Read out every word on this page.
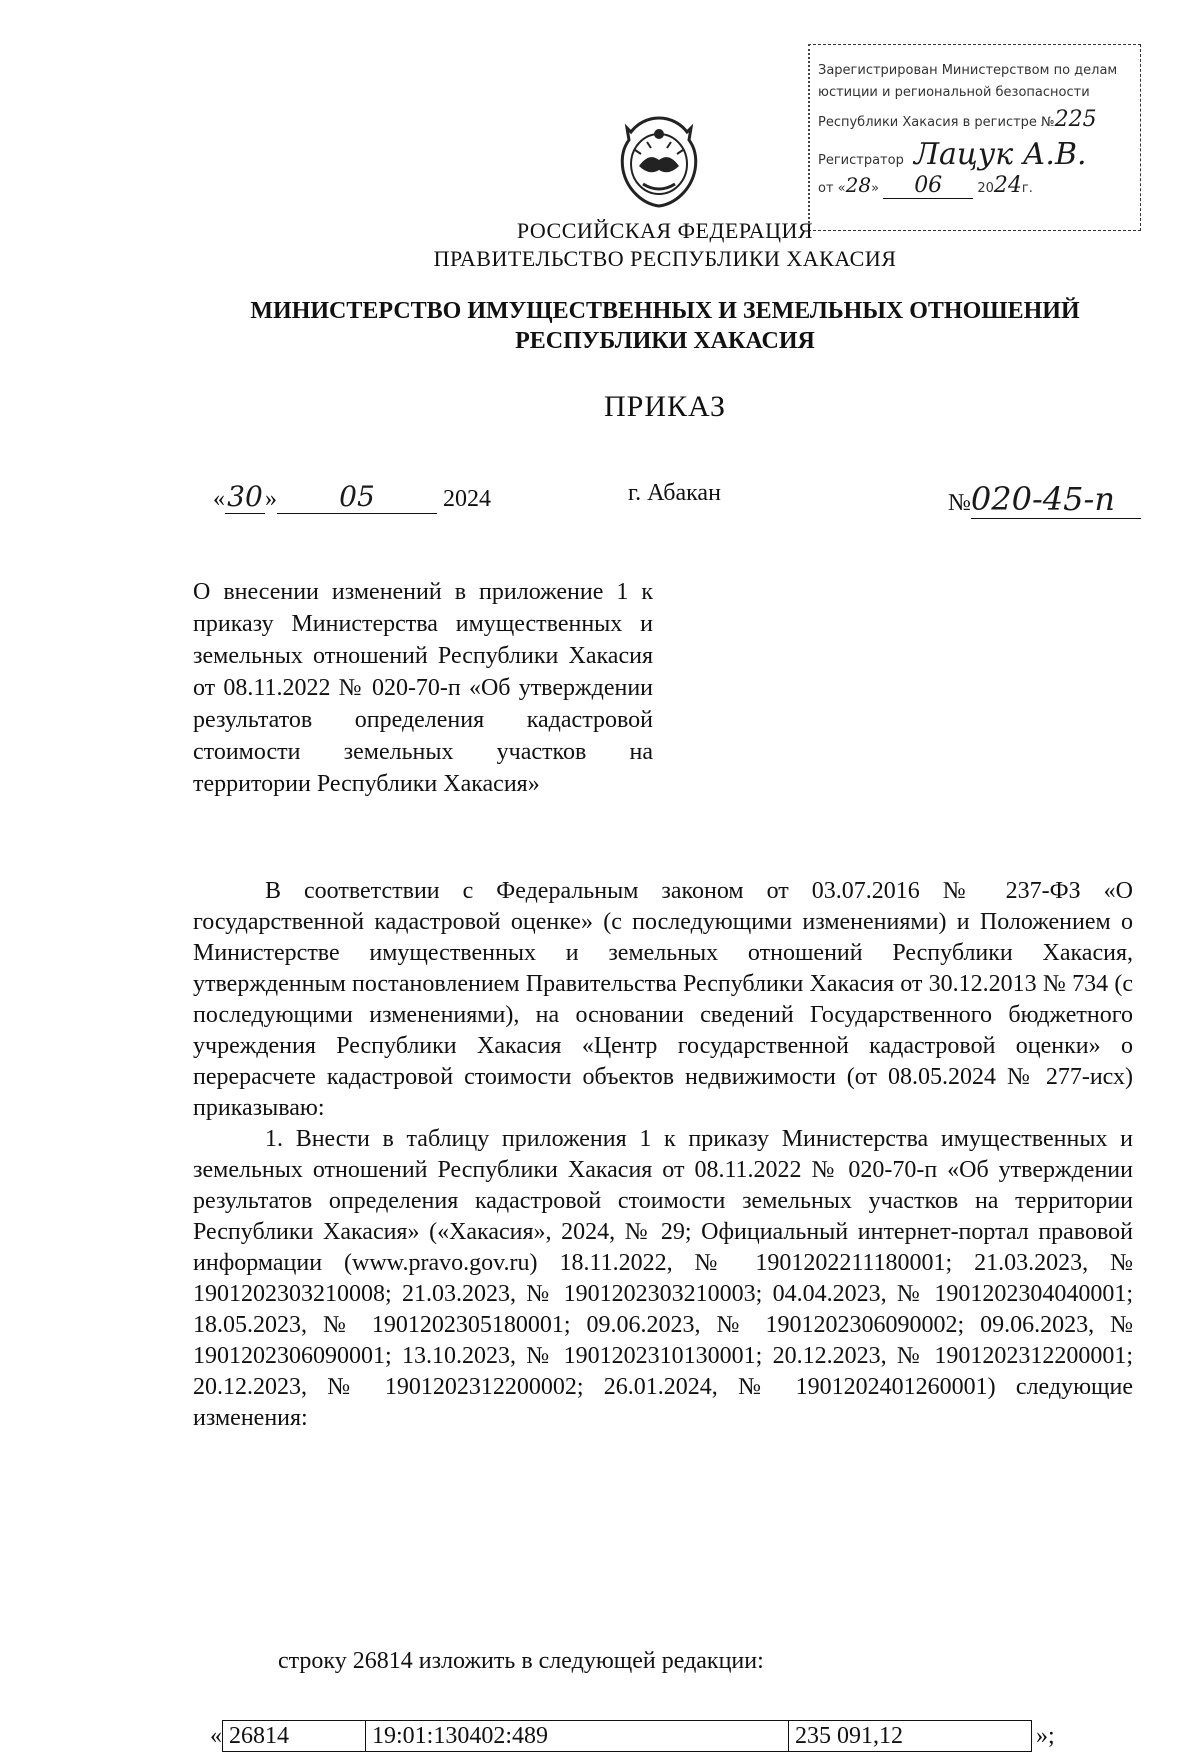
Зарегистрирован Министерством по делам
юстиции и региональной безопасности
Республики Хакасия в регистре №225
Регистратор Лацук А.В.
от «28» 06	2024г.
РОССИЙСКАЯ ФЕДЕРАЦИЯ
ПРАВИТЕЛЬСТВО РЕСПУБЛИКИ ХАКАСИЯ
МИНИСТЕРСТВО ИМУЩЕСТВЕННЫХ И ЗЕМЕЛЬНЫХ ОТНОШЕНИЙ
РЕСПУБЛИКИ ХАКАСИЯ
ПРИКАЗ
«30» 05	2024	г. Абакан	№020-45-п
О внесении изменений в приложение 1 к приказу Министерства имущественных и земельных отношений Республики Хакасия от 08.11.2022 № 020-70-п «Об утверждении результатов определения кадастровой стоимости земельных участков на территории Республики Хакасия»

В соответствии с Федеральным законом от 03.07.2016 № 237-ФЗ «О государственной кадастровой оценке» (с последующими изменениями) и Положением о Министерстве имущественных и земельных отношений Республики Хакасия, утвержденным постановлением Правительства Республики Хакасия от 30.12.2013 № 734 (с последующими изменениями), на основании сведений Государственного бюджетного учреждения Республики Хакасия «Центр государственной кадастровой оценки» о перерасчете кадастровой стоимости объектов недвижимости (от 08.05.2024 № 277-исх) приказываю:

1. Внести в таблицу приложения 1 к приказу Министерства имущественных и земельных отношений Республики Хакасия от 08.11.2022 № 020-70-п «Об утверждении результатов определения кадастровой стоимости земельных участков на территории Республики Хакасия» («Хакасия», 2024, № 29; Официальный интернет-портал правовой информации (www.pravo.gov.ru) 18.11.2022, № 1901202211180001; 21.03.2023, № 1901202303210008; 21.03.2023, № 1901202303210003; 04.04.2023, № 1901202304040001; 18.05.2023, № 1901202305180001; 09.06.2023, № 1901202306090002; 09.06.2023, № 1901202306090001; 13.10.2023, № 1901202310130001; 20.12.2023, № 1901202312200001; 20.12.2023, № 1901202312200002; 26.01.2024, № 1901202401260001) следующие изменения:

строку 26814 изложить в следующей редакции:
« 26814	19:01:130402:489	235 091,12	»;
